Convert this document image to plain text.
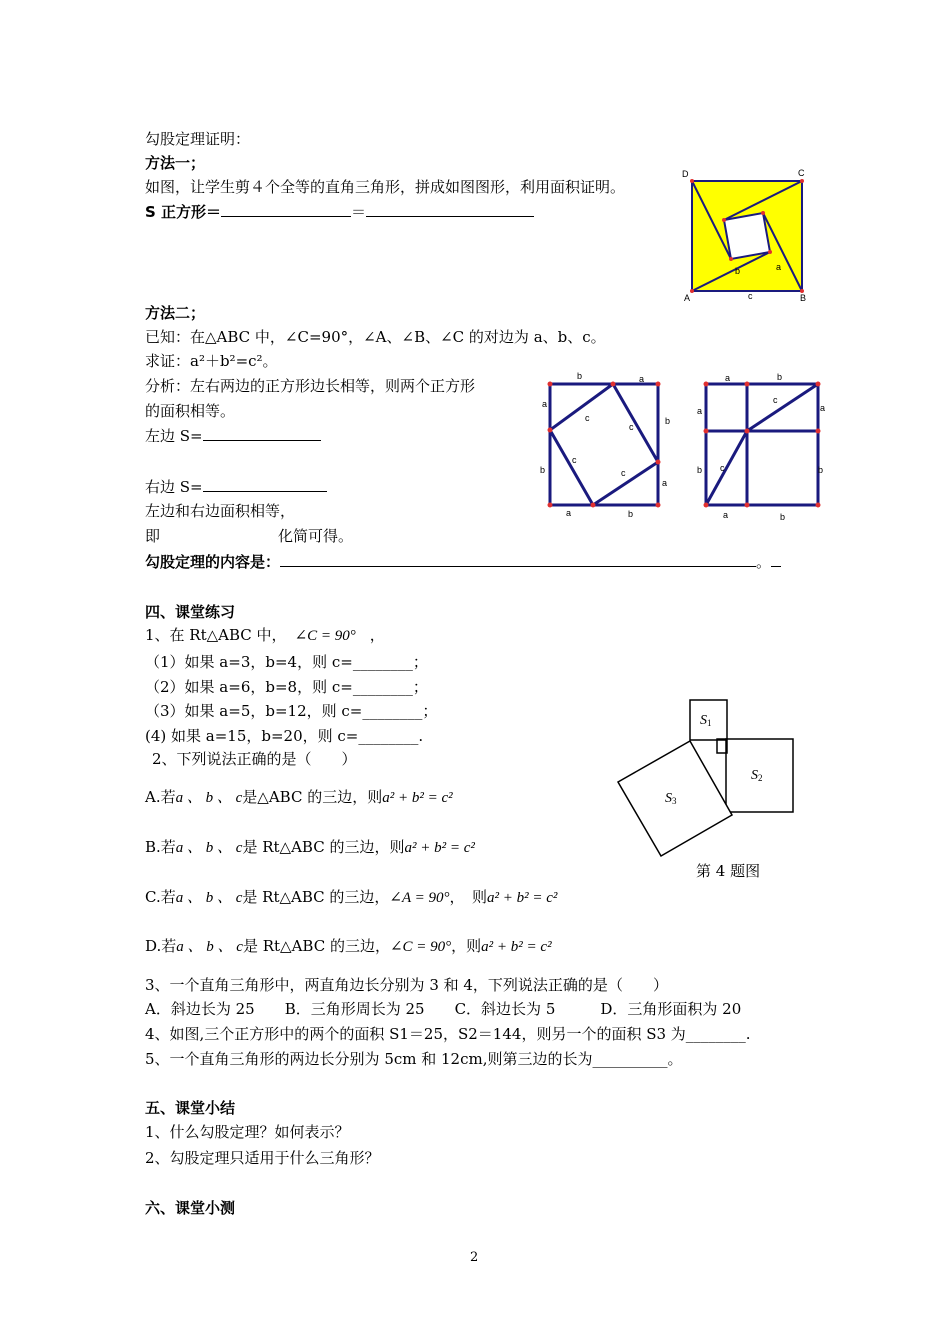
勾股定理证明：
方法一；
如图，让学生剪４个全等的直角三角形，拼成如图图形，利用面积证明。
S 正方形＝	＝
D	C
A	B
c
b	a
方法二；
已知：在△ABC 中，∠C=90°，∠A、∠B、∠C 的对边为 a、b、c。
求证：a²＋b²=c²。
分析：左右两边的正方形边长相等，则两个正方形
的面积相等。
左边 S=
右边 S=
左边和右边面积相等，
即	化简可得。
勾股定理的内容是：	。
b	a
a
b
c
c
c
c
b
a
a	b
a	b
a	a
c
b c	b
a	b
四、课堂练习
1、在 Rt△ABC 中， ∠C = 90° ，
（1）如果 a=3，b=4，则 c=________；
（2）如果 a=6，b=8，则 c=________；
（3）如果 a=5，b=12，则 c=________；
(4) 如果 a=15，b=20，则 c=________.
2、下列说法正确的是（　　）
A.若a 、 b 、 c是△ABC 的三边，则a² + b² = c²
B.若a 、 b 、 c是 Rt△ABC 的三边，则a² + b² = c²
C.若a 、 b 、 c是 Rt△ABC 的三边，∠A = 90°，　则a² + b² = c²
D.若a 、 b 、 c是 Rt△ABC 的三边，∠C = 90°，则a² + b² = c²
3、一个直角三角形中，两直角边长分别为 3 和 4，下列说法正确的是（　　）
A．斜边长为 25　　B．三角形周长为 25　　C．斜边长为 5　　　D．三角形面积为 20
4、如图,三个正方形中的两个的面积 S1＝25，S2＝144，则另一个的面积 S3 为________.
5、一个直角三角形的两边长分别为 5cm 和 12cm,则第三边的长为__________。
S1
S2
S3
第 4 题图
五、课堂小结
1、什么勾股定理？如何表示？
2、勾股定理只适用于什么三角形？
六、课堂小测
2
